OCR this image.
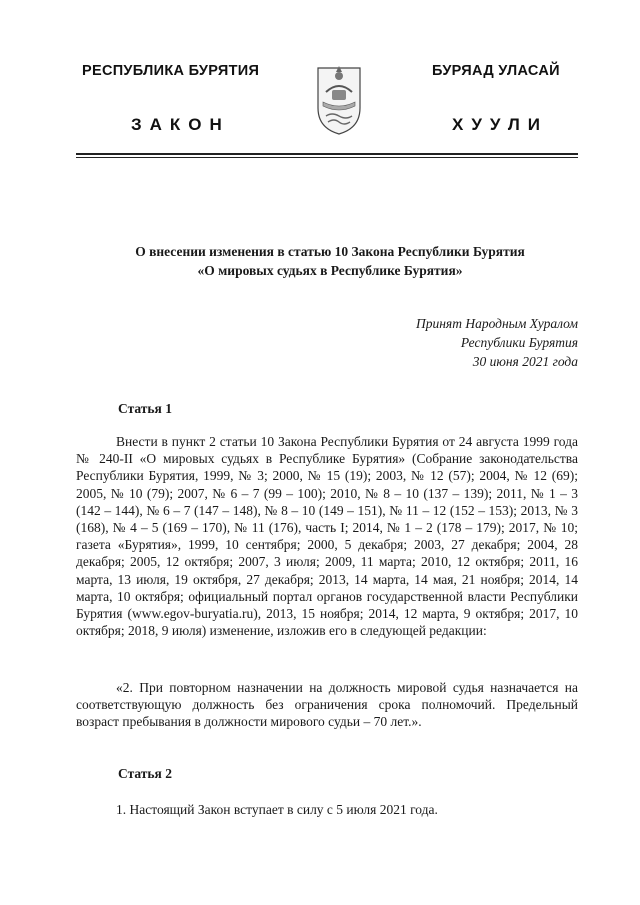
РЕСПУБЛИКА БУРЯТИЯ	БУРЯАД УЛАСАЙ
ЗАКОН	ХУУЛИ
О внесении изменения в статью 10 Закона Республики Бурятия
«О мировых судьях в Республике Бурятия»
Принят Народным Хуралом
Республики Бурятия
30 июня 2021 года
Статья 1
Внести в пункт 2 статьи 10 Закона Республики Бурятия от 24 августа 1999 года № 240-II «О мировых судьях в Республике Бурятия» (Собрание законодательства Республики Бурятия, 1999, № 3; 2000, № 15 (19); 2003, № 12 (57); 2004, № 12 (69); 2005, № 10 (79); 2007, № 6 – 7 (99 – 100); 2010, № 8 – 10 (137 – 139); 2011, № 1 – 3 (142 – 144), № 6 – 7 (147 – 148), № 8 – 10 (149 – 151), № 11 – 12 (152 – 153); 2013, № 3 (168), № 4 – 5 (169 – 170), № 11 (176), часть I; 2014, № 1 – 2 (178 – 179); 2017, № 10; газета «Бурятия», 1999, 10 сентября; 2000, 5 декабря; 2003, 27 декабря; 2004, 28 декабря; 2005, 12 октября; 2007, 3 июля; 2009, 11 марта; 2010, 12 октября; 2011, 16 марта, 13 июля, 19 октября, 27 декабря; 2013, 14 марта, 14 мая, 21 ноября; 2014, 14 марта, 10 октября; официальный портал органов государственной власти Республики Бурятия (www.egov-buryatia.ru), 2013, 15 ноября; 2014, 12 марта, 9 октября; 2017, 10 октября; 2018, 9 июля) изменение, изложив его в следующей редакции:
«2. При повторном назначении на должность мировой судья назначается на соответствующую должность без ограничения срока полномочий. Предельный возраст пребывания в должности мирового судьи – 70 лет.».
Статья 2
1. Настоящий Закон вступает в силу с 5 июля 2021 года.
